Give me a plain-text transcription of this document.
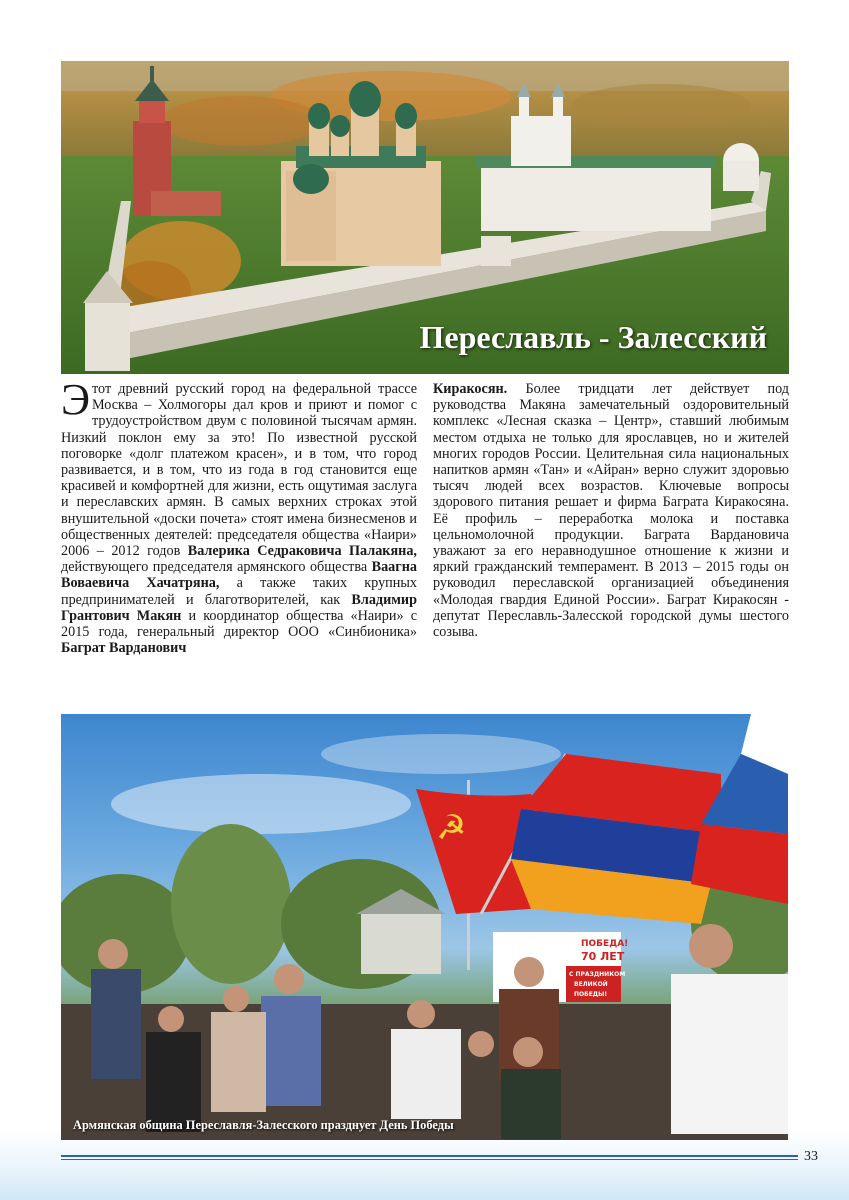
Переславль - Залесский

Этот древний русский город на федеральной трассе Москва – Холмогоры дал кров и приют и помог с трудоустройством двум с половиной тысячам армян. Низкий поклон ему за это! По известной русской поговорке «долг платежом красен», и в том, что город развивается, и в том, что из года в год становится еще красивей и комфортней для жизни, есть ощутимая заслуга и переславских армян. В самых верхних строках этой внушительной «доски почета» стоят имена бизнесменов и общественных деятелей: председателя общества «Наири» 2006 – 2012 годов Валерика Седраковича Палакяна, действующего председателя армянского общества Ваагна Вовaевича Хачатряна, а также таких крупных предпринимателей и благотворителей, как Владимир Грантович Макян и координатор общества «Наири» с 2015 года, генеральный директор ООО «Синбионика» Баграт Варданович

Киракосян. Более тридцати лет действует под руководства Макяна замечательный оздоровительный комплекс «Лесная сказка – Центр», ставший любимым местом отдыха не только для ярославцев, но и жителей многих городов России. Целительная сила национальных напитков армян «Тан» и «Айран» верно служит здоровью тысяч людей всех возрастов. Ключевые вопросы здорового питания решает и фирма Баграта Киракосяна. Её профиль – переработка молока и поставка цельномолочной продукции. Баграта Вардановича уважают за его неравнодушное отношение к жизни и яркий гражданский темперамент. В 2013 – 2015 годы он руководил переславской организацией объединения «Молодая гвардия Единой России». Баграт Киракосян - депутат Переславль-Залесской городской думы шестого созыва.

☭
ПОБЕДА!
70 ЛЕТ
С ПРАЗДНИКОМ
ВЕЛИКОЙ
ПОБЕДЫ!
Армянская община Переславля-Залесского празднует День Победы
33
